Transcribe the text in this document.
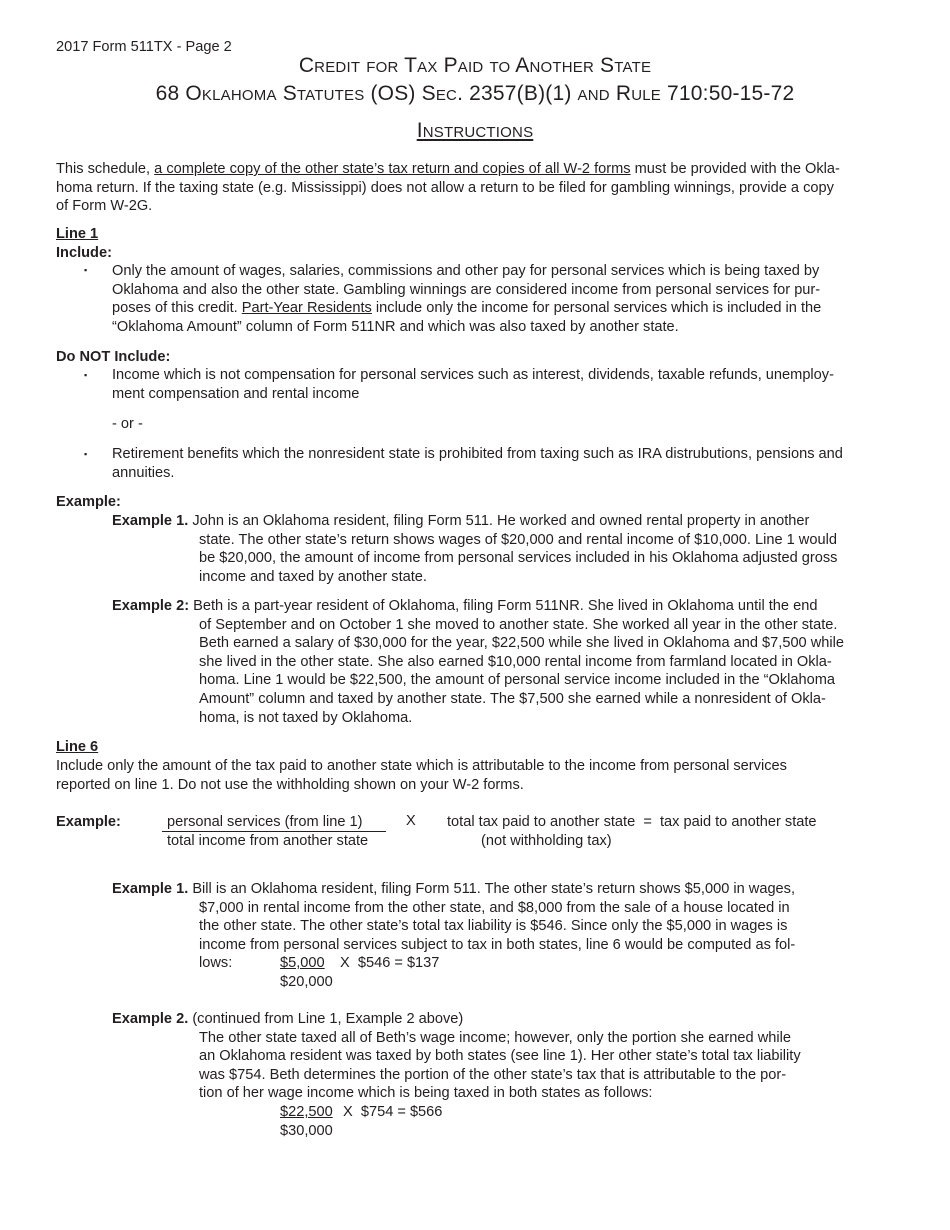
2017 Form 511TX - Page 2
Credit for Tax Paid to Another State
68 Oklahoma Statutes (OS) Sec. 2357(B)(1) and Rule 710:50-15-72
Instructions
This schedule, a complete copy of the other state’s tax return and copies of all W-2 forms must be provided with the Okla-
homa return. If the taxing state (e.g. Mississippi) does not allow a return to be filed for gambling winnings, provide a copy
of Form W-2G.
Line 1
Include:
▪	Only the amount of wages, salaries, commissions and other pay for personal services which is being taxed by
Oklahoma and also the other state. Gambling winnings are considered income from personal services for pur-
poses of this credit. Part-Year Residents include only the income for personal services which is included in the
“Oklahoma Amount” column of Form 511NR and which was also taxed by another state.
Do NOT Include:
▪	Income which is not compensation for personal services such as interest, dividends, taxable refunds, unemploy-
ment compensation and rental income
- or -
▪	Retirement benefits which the nonresident state is prohibited from taxing such as IRA distrubutions, pensions and
annuities.
Example:
Example 1. John is an Oklahoma resident, filing Form 511. He worked and owned rental property in another
state. The other state’s return shows wages of $20,000 and rental income of $10,000. Line 1 would
be $20,000, the amount of income from personal services included in his Oklahoma adjusted gross
income and taxed by another state.
Example 2: Beth is a part-year resident of Oklahoma, filing Form 511NR. She lived in Oklahoma until the end
of September and on October 1 she moved to another state. She worked all year in the other state.
Beth earned a salary of $30,000 for the year, $22,500 while she lived in Oklahoma and $7,500 while
she lived in the other state. She also earned $10,000 rental income from farmland located in Okla-
homa. Line 1 would be $22,500, the amount of personal service income included in the “Oklahoma
Amount” column and taxed by another state. The $7,500 she earned while a nonresident of Okla-
homa, is not taxed by Oklahoma.
Line 6
Include only the amount of the tax paid to another state which is attributable to the income from personal services
reported on line 1. Do not use the withholding shown on your W-2 forms.
Example:	personal services (from line 1)
total income from another state
X total tax paid to another state  =  tax paid to another state
(not withholding tax)
Example 1. Bill is an Oklahoma resident, filing Form 511. The other state’s return shows $5,000 in wages,
$7,000 in rental income from the other state, and $8,000 from the sale of a house located in
the other state. The other state’s total tax liability is $546. Since only the $5,000 in wages is
income from personal services subject to tax in both states, line 6 would be computed as fol-
lows:	$5,000 X  $546 = $137
$20,000
Example 2. (continued from Line 1, Example 2 above)
The other state taxed all of Beth’s wage income; however, only the portion she earned while
an Oklahoma resident was taxed by both states (see line 1). Her other state’s total tax liability
was $754. Beth determines the portion of the other state’s tax that is attributable to the por-
tion of her wage income which is being taxed in both states as follows:
$22,500 X  $754 = $566
$30,000
